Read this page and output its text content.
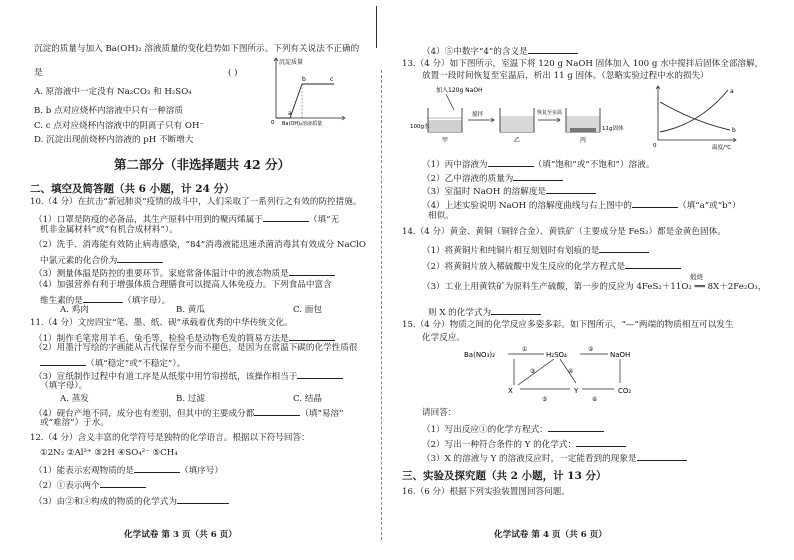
沉淀的质量与加入 Ba(OH)₂ 溶液质量的变化趋势如下图所示。下列有关说法不正确的
是	( )
A. 原溶液中一定没有 Na₂CO₃ 和 H₂SO₄
B. b 点对应烧杯内溶液中只有一种溶质
C. c 点对应烧杯内溶液中的阴离子只有 OH⁻
D. 沉淀出现前烧杯内溶液的 pH 不断增大
沉淀质量
0
a
b	c
Ba(OH)₂溶液质量
第二部分（非选择题共 42 分）
二、填空及简答题（共 6 小题，计 24 分）
10.（4 分）在抗击“新冠肺炎”疫情的战斗中，人们采取了一系列行之有效的防控措施。
（1）口罩是防疫的必备品，其生产原料中用到的聚丙烯属于	（填“无
机非金属材料”或“有机合成材料”）。
（2）洗手、消毒能有效防止病毒感染，“84”消毒液能迅速杀菌消毒其有效成分 NaClO
中氯元素的化合价为
（3）测量体温是防控的重要环节。家庭常备体温计中的液态物质是
（4）加强营养有利于增强体质合理膳食可以提高人体免疫力。下列食品中富含
维生素的是	（填字母）。
A. 鸡肉	B. 黄瓜	C. 面包
11.（4 分）文房四宝“笔、墨、纸、砚”承载着优秀的中华传统文化。
（1）制作毛笔常用羊毛、兔毛等，检验毛是动物毛发的简易方法是
（2）用墨汁写绘的字画能从古代保存至今而不褪色，是因为在常温下碳的化学性质很
（填“稳定”或“不稳定”）。
（3）宣纸制作过程中有道工序是从纸浆中用竹帘捞纸，该操作相当于
（填字母）。
A. 蒸发	B. 过滤	C. 结晶
（4）砚台产地不同，成分也有差别，但其中的主要成分都	（填“易溶”
或“难溶”）于水。
12.（4 分）含义丰富的化学符号是独特的化学语言。根据以下符号回答：
①2N₂ ②Al³⁺ ③2H ④SO₄²⁻ ⑤CH₄
（1）能表示宏观物质的是	（填序号）
（2）①表示两个
（3）由②和④构成的物质的化学式为
化学试卷 第 3 页（共 6 页）
（4）⑤中数字“4”的含义是
13.（4 分）如下图所示，室温下将 120 g NaOH 固体加入 100 g 水中搅拌后固体全部溶解，
放置一段时间恢复至室温后，析出 11 g 固体。（忽略实验过程中水的损失）
加入120g NaOH
100g水
甲
搅拌
乙
恢复至室温
11g固体
丙
a
b
0	温度/℃
（1）丙中溶液为	（填“饱和”或“不饱和”）溶液。
（2）乙中溶液的质量为
（3）室温时 NaOH 的溶解度是
（4）上述实验说明 NaOH 的溶解度曲线与右上图中的	（填“a”或“b”）
相似。
14.（4 分）黄金、黄铜（铜锌合金）、黄铁矿（主要成分是 FeS₂）都是金黄色固体。
（1）将黄铜片和纯铜片相互刻划时有划痕的是
（2）将黄铜片放入稀硫酸中发生反应的化学方程式是
煅烧
（3）工业上用黄铁矿为原料生产硫酸，第一步的反应为 4FeS₂＋11O₂ ══ 8X＋2Fe₂O₃，
则 X 的化学式为
15.（4 分）物质之间的化学反应多姿多彩。如下图所示，“—”两端的物质相互可以发生
化学反应。
Ba(NO₃)₂	H₂SO₄	NaOH
X	Y	CO₂
①	②
③	④
⑤	⑥
请回答：
（1）写出反应①的化学方程式：
（2）写出一种符合条件的 Y 的化学式：
（3）X 的溶液与 Y 的溶液反应时，一定能看到的现象是
三、实验及探究题（共 2 小题，计 13 分）
16.（6 分）根据下列实验装置图回答问题。
化学试卷 第 4 页（共 6 页）
